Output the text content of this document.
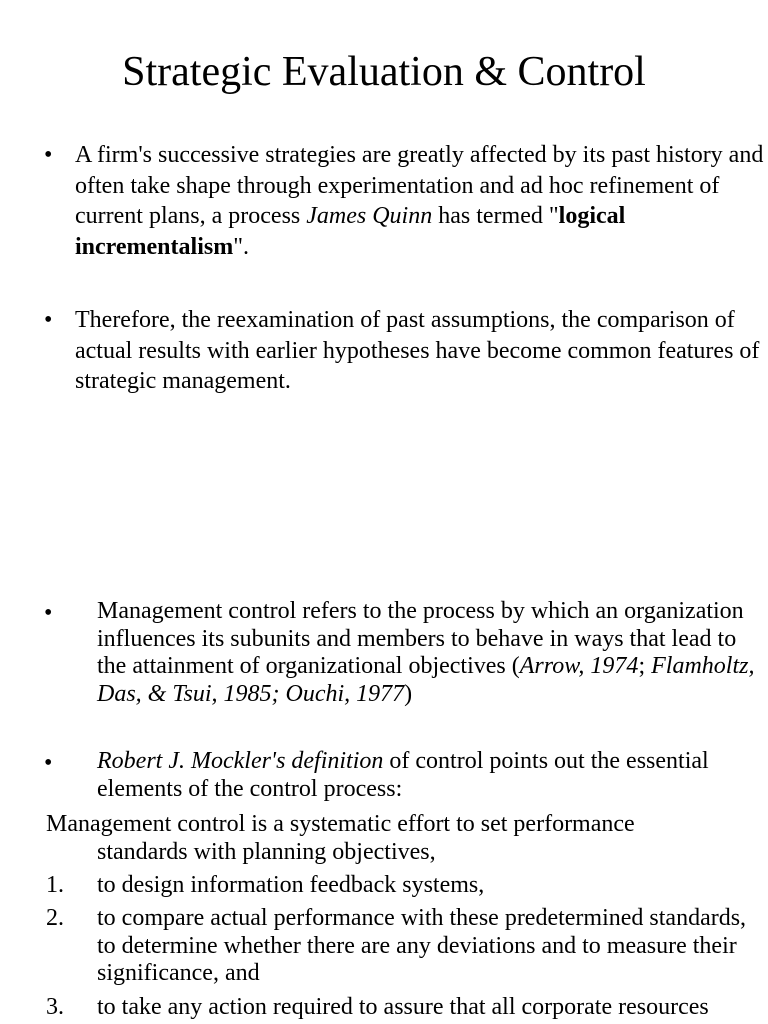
Strategic Evaluation & Control
• A firm's successive strategies are greatly affected by its past history and often take shape through experimentation and ad hoc refinement of current plans, a process James Quinn has termed "logical incrementalism".
• Therefore, the reexamination of past assumptions, the comparison of actual results with earlier hypotheses have become common features of strategic management.
• Management control refers to the process by which an organization influences its subunits and members to behave in ways that lead to the attainment of organizational objectives (Arrow, 1974; Flamholtz, Das, & Tsui, 1985; Ouchi, 1977)
• Robert J. Mockler's definition of control points out the essential elements of the control process:
Management control is a systematic effort to set performance
standards with planning objectives,
1. to design information feedback systems,
2. to compare actual performance with these predetermined standards, to determine whether there are any deviations and to measure their significance, and
3. to take any action required to assure that all corporate resources
